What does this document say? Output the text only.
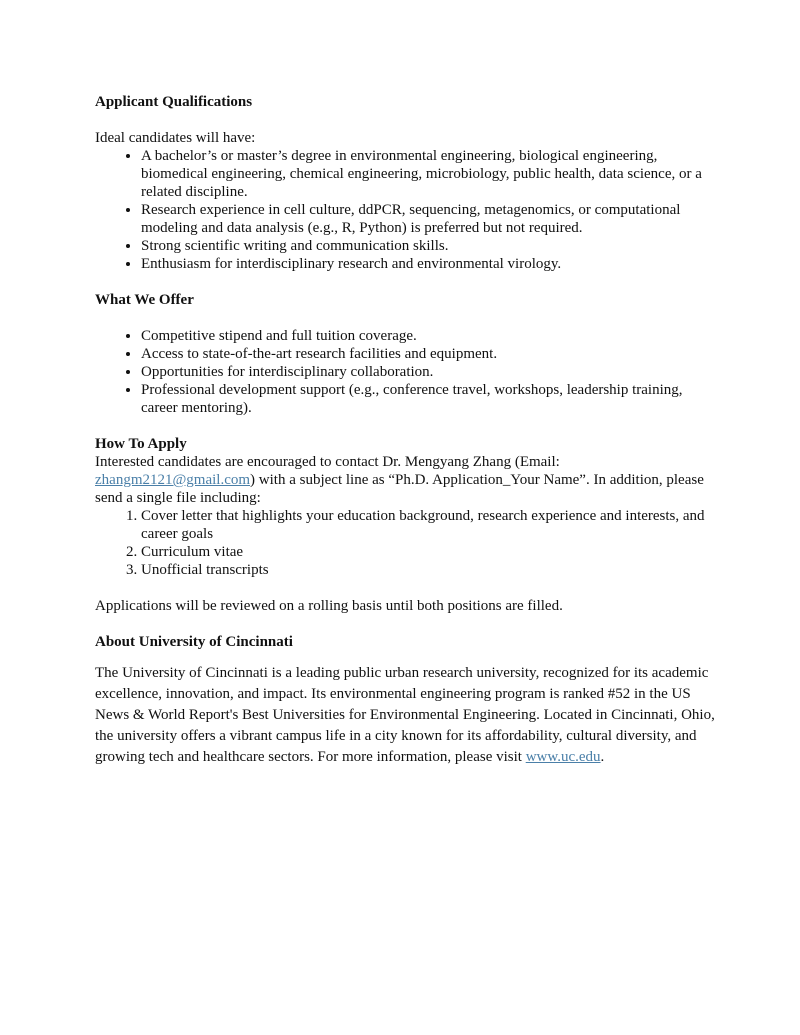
Applicant Qualifications

Ideal candidates will have:

• A bachelor’s or master’s degree in environmental engineering, biological engineering, biomedical engineering, chemical engineering, microbiology, public health, data science, or a related discipline.
• Research experience in cell culture, ddPCR, sequencing, metagenomics, or computational modeling and data analysis (e.g., R, Python) is preferred but not required.
• Strong scientific writing and communication skills.
• Enthusiasm for interdisciplinary research and environmental virology.

What We Offer

• Competitive stipend and full tuition coverage.
• Access to state-of-the-art research facilities and equipment.
• Opportunities for interdisciplinary collaboration.
• Professional development support (e.g., conference travel, workshops, leadership training, career mentoring).

How To Apply

Interested candidates are encouraged to contact Dr. Mengyang Zhang (Email: zhangm2121@gmail.com) with a subject line as “Ph.D. Application_Your Name”. In addition, please send a single file including:

1. Cover letter that highlights your education background, research experience and interests, and career goals
2. Curriculum vitae
3. Unofficial transcripts

Applications will be reviewed on a rolling basis until both positions are filled.

About University of Cincinnati

The University of Cincinnati is a leading public urban research university, recognized for its academic excellence, innovation, and impact. Its environmental engineering program is ranked #52 in the US News & World Report's Best Universities for Environmental Engineering. Located in Cincinnati, Ohio, the university offers a vibrant campus life in a city known for its affordability, cultural diversity, and growing tech and healthcare sectors. For more information, please visit www.uc.edu.
